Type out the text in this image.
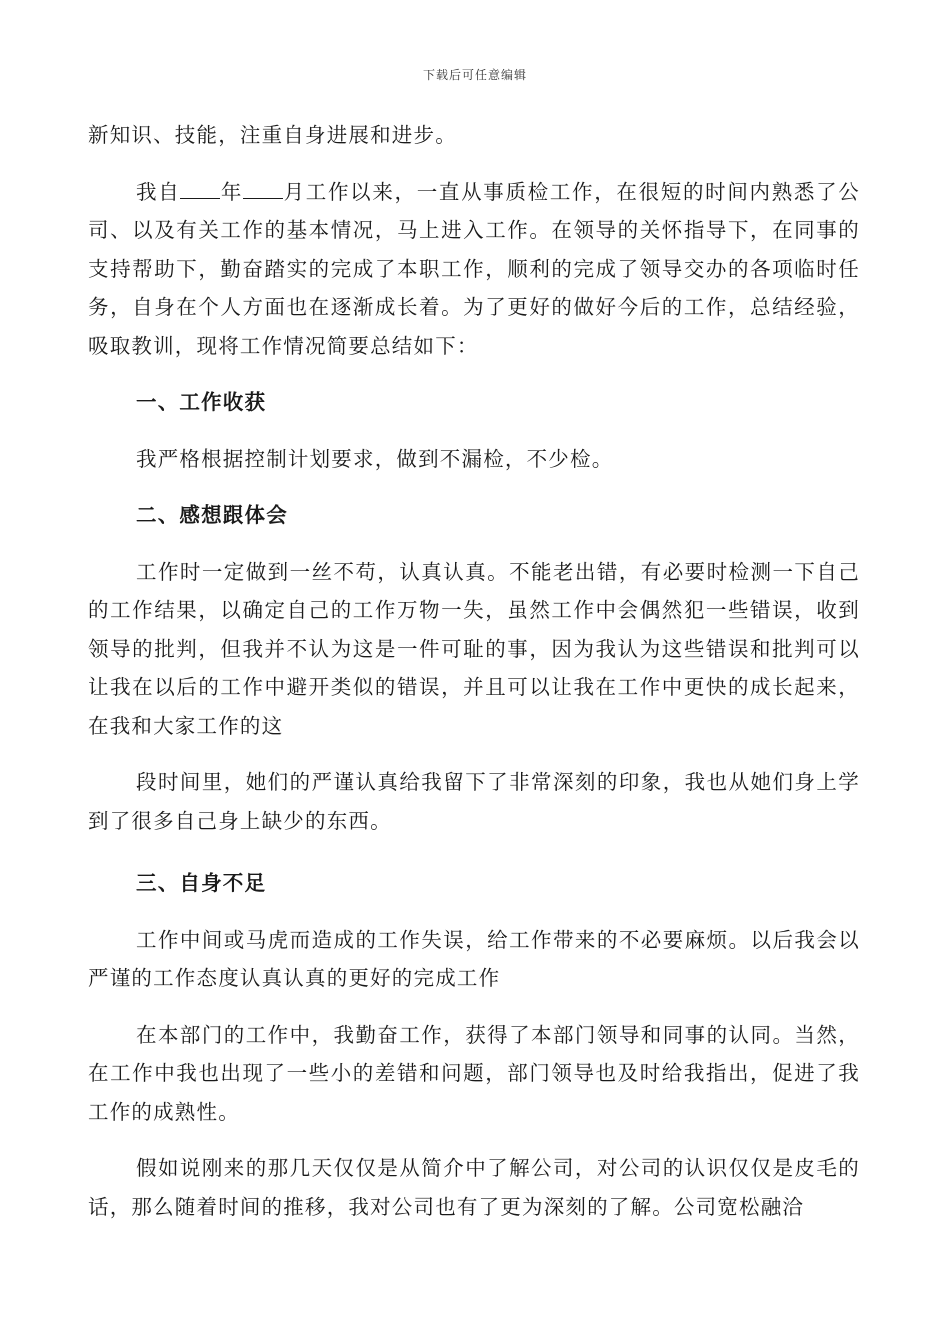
下载后可任意编辑

新知识、技能，注重自身进展和进步。

我自 年 月工作以来，一直从事质检工作，在很短的时间内熟悉了公司、以及有关工作的基本情况，马上进入工作。在领导的关怀指导下，在同事的支持帮助下，勤奋踏实的完成了本职工作，顺利的完成了领导交办的各项临时任务，自身在个人方面也在逐渐成长着。为了更好的做好今后的工作，总结经验，吸取教训，现将工作情况简要总结如下：

一、工作收获

我严格根据控制计划要求，做到不漏检，不少检。

二、感想跟体会

工作时一定做到一丝不苟，认真认真。不能老出错，有必要时检测一下自己的工作结果，以确定自己的工作万物一失，虽然工作中会偶然犯一些错误，收到领导的批判，但我并不认为这是一件可耻的事，因为我认为这些错误和批判可以让我在以后的工作中避开类似的错误，并且可以让我在工作中更快的成长起来，在我和大家工作的这

段时间里，她们的严谨认真给我留下了非常深刻的印象，我也从她们身上学到了很多自己身上缺少的东西。

三、自身不足

工作中间或马虎而造成的工作失误，给工作带来的不必要麻烦。以后我会以严谨的工作态度认真认真的更好的完成工作

在本部门的工作中，我勤奋工作，获得了本部门领导和同事的认同。当然，在工作中我也出现了一些小的差错和问题，部门领导也及时给我指出，促进了我工作的成熟性。

假如说刚来的那几天仅仅是从简介中了解公司，对公司的认识仅仅是皮毛的话，那么随着时间的推移，我对公司也有了更为深刻的了解。公司宽松融洽
